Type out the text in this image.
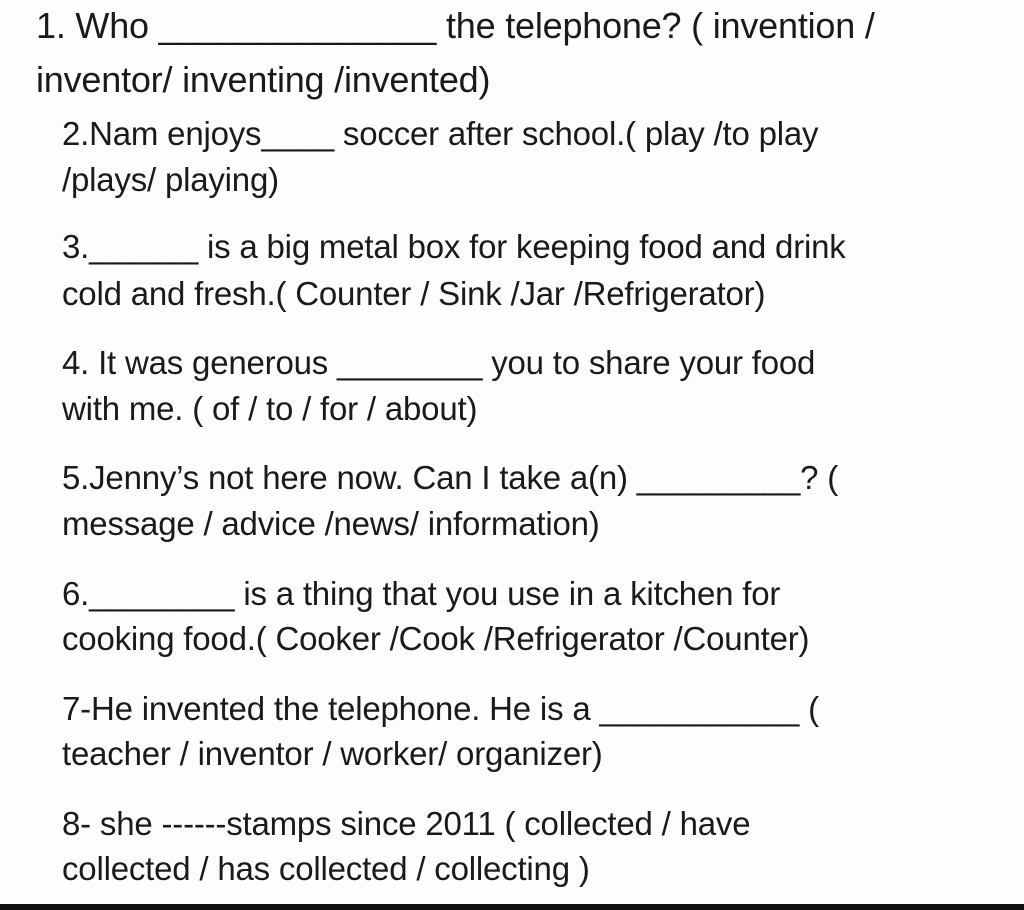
1. Who ______________ the telephone? ( invention /
inventor/ inventing /invented)
2.Nam enjoys____ soccer after school.( play /to play
/plays/ playing)
3.______ is a big metal box for keeping food and drink
cold and fresh.( Counter / Sink /Jar /Refrigerator)
4. It was generous ________ you to share your food
with me. ( of / to / for / about)
5.Jenny’s not here now. Can I take a(n) _________? (
message / advice /news/ information)
6.________ is a thing that you use in a kitchen for
cooking food.( Cooker /Cook /Refrigerator /Counter)
7-He invented the telephone. He is a ___________ (
teacher / inventor / worker/ organizer)
8- she ------stamps since 2011 ( collected / have
collected / has collected / collecting )
